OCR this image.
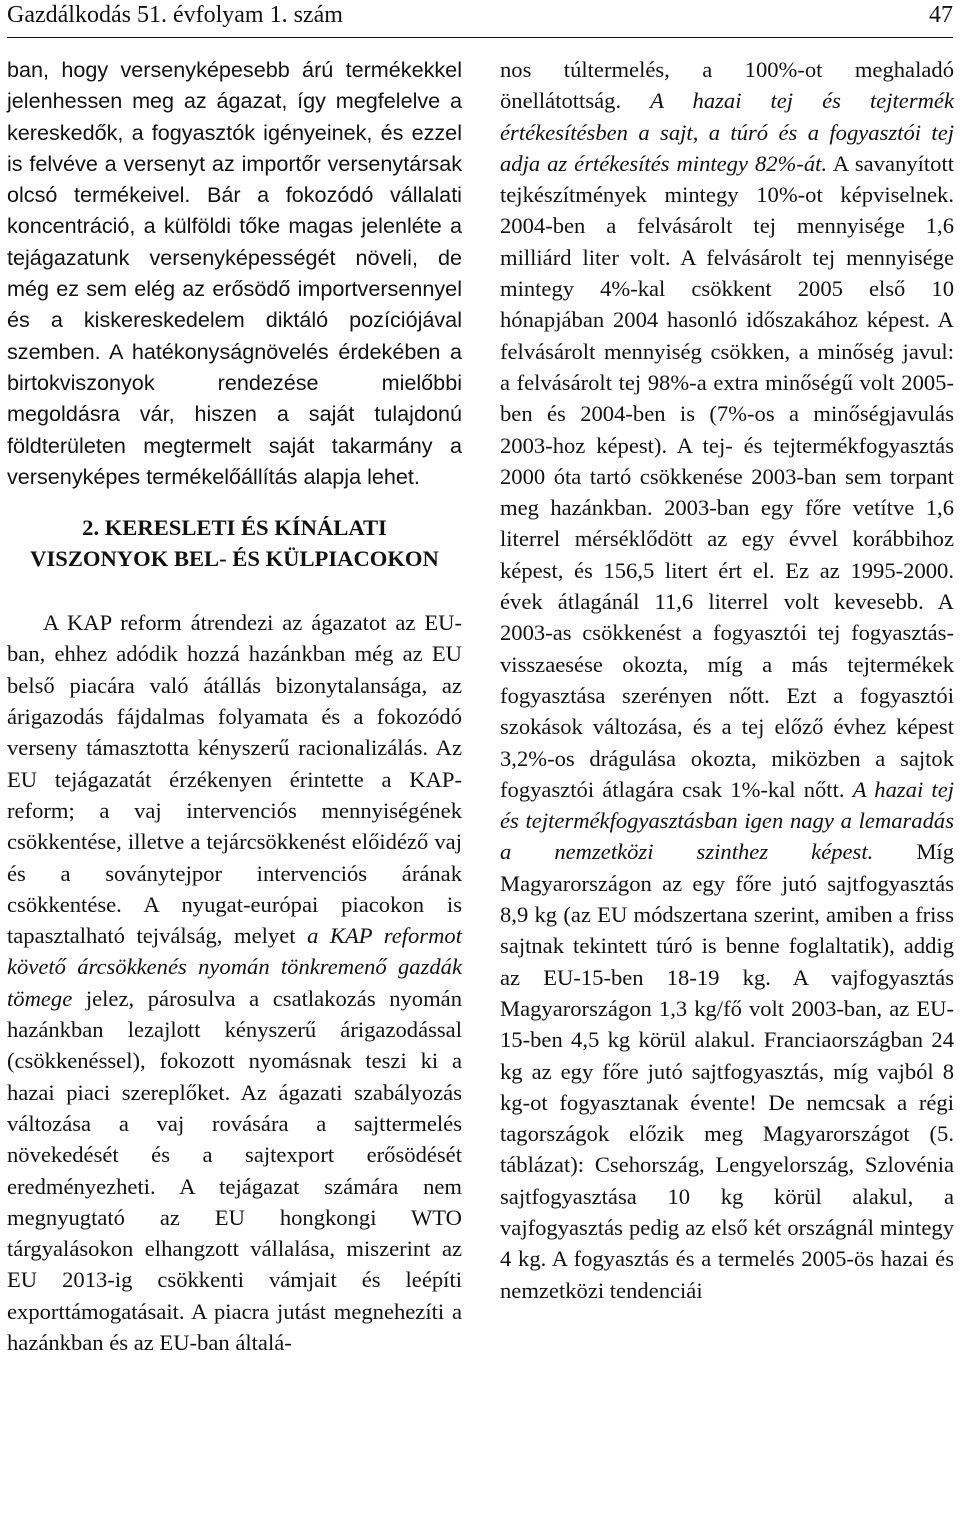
Gazdálkodás 51. évfolyam 1. szám	47

ban, hogy versenyképesebb árú termékekkel jelenhessen meg az ágazat, így megfelelve a kereskedők, a fogyasztók igényeinek, és ezzel is felvéve a versenyt az importőr versenytársak olcsó termékeivel. Bár a fokozódó vállalati koncentráció, a külföldi tőke magas jelenléte a tejágazatunk versenyképességét növeli, de még ez sem elég az erősödő importversennyel és a kiskereskedelem diktáló pozíciójával szemben. A hatékonyságnövelés érdekében a birtokviszonyok rendezése mielőbbi megoldásra vár, hiszen a saját tulajdonú földterületen megtermelt saját takarmány a versenyképes termékelőállítás alapja lehet.

2. KERESLETI ÉS KÍNÁLATI
VISZONYOK BEL- ÉS KÜLPIACOKON

A KAP reform átrendezi az ágazatot az EU-ban, ehhez adódik hozzá hazánkban még az EU belső piacára való átállás bizonytalansága, az árigazodás fájdalmas folyamata és a fokozódó verseny támasztotta kényszerű racionalizálás. Az EU tejágazatát érzékenyen érintette a KAP-reform; a vaj intervenciós mennyiségének csökkentése, illetve a tejárcsökkenést előidéző vaj és a soványtejpor intervenciós árának csökkentése. A nyugat-európai piacokon is tapasztalható tejválság, melyet a KAP reformot követő árcsökkenés nyomán tönkremenő gazdák tömege jelez, párosulva a csatlakozás nyomán hazánkban lezajlott kényszerű árigazodással (csökkenéssel), fokozott nyomásnak teszi ki a hazai piaci szereplőket. Az ágazati szabályozás változása a vaj rovására a sajttermelés növekedését és a sajtexport erősödését eredményezheti. A tejágazat számára nem megnyugtató az EU hongkongi WTO tárgyalásokon elhangzott vállalása, miszerint az EU 2013-ig csökkenti vámjait és leépíti exporttámogatásait. A piacra jutást megnehezíti a hazánkban és az EU-ban általá-

nos túltermelés, a 100%-ot meghaladó önellátottság. A hazai tej és tejtermék értékesítésben a sajt, a túró és a fogyasztói tej adja az értékesítés mintegy 82%-át. A savanyított tejkészítmények mintegy 10%-ot képviselnek. 2004-ben a felvásárolt tej mennyisége 1,6 milliárd liter volt. A felvásárolt tej mennyisége mintegy 4%-kal csökkent 2005 első 10 hónapjában 2004 hasonló időszakához képest. A felvásárolt mennyiség csökken, a minőség javul: a felvásárolt tej 98%-a extra minőségű volt 2005-ben és 2004-ben is (7%-os a minőségjavulás 2003-hoz képest). A tej- és tejtermékfogyasztás 2000 óta tartó csökkenése 2003-ban sem torpant meg hazánkban. 2003-ban egy főre vetítve 1,6 literrel mérséklődött az egy évvel korábbihoz képest, és 156,5 litert ért el. Ez az 1995-2000. évek átlagánál 11,6 literrel volt kevesebb. A 2003-as csökkenést a fogyasztói tej fogyasztás-visszaesése okozta, míg a más tejtermékek fogyasztása szerényen nőtt. Ezt a fogyasztói szokások változása, és a tej előző évhez képest 3,2%-os drágulása okozta, miközben a sajtok fogyasztói átlagára csak 1%-kal nőtt. A hazai tej és tejtermékfogyasztásban igen nagy a lemaradás a nemzetközi szinthez képest. Míg Magyarországon az egy főre jutó sajtfogyasztás 8,9 kg (az EU módszertana szerint, amiben a friss sajtnak tekintett túró is benne foglaltatik), addig az EU-15-ben 18-19 kg. A vajfogyasztás Magyarországon 1,3 kg/fő volt 2003-ban, az EU-15-ben 4,5 kg körül alakul. Franciaországban 24 kg az egy főre jutó sajtfogyasztás, míg vajból 8 kg-ot fogyasztanak évente! De nemcsak a régi tagországok előzik meg Magyarországot (5. táblázat): Csehország, Lengyelország, Szlovénia sajtfogyasztása 10 kg körül alakul, a vajfogyasztás pedig az első két országnál mintegy 4 kg. A fogyasztás és a termelés 2005-ös hazai és nemzetközi tendenciái
